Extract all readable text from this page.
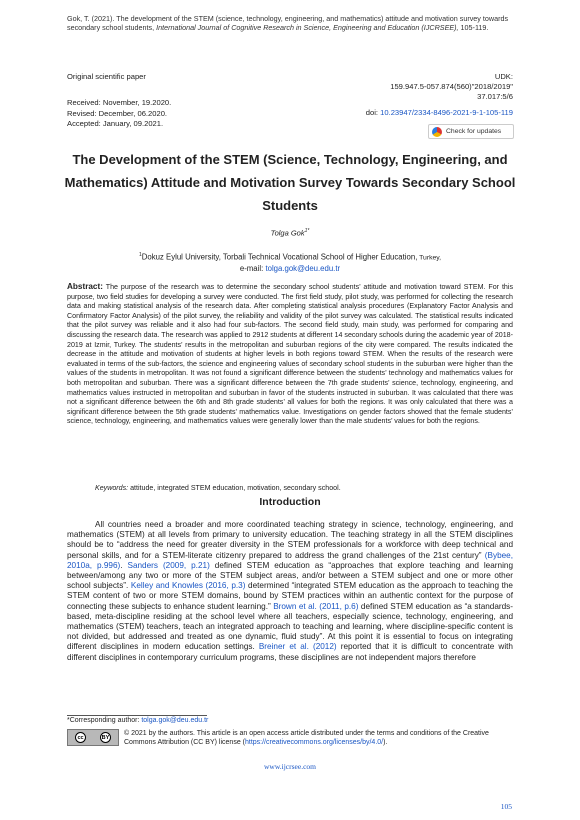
Gok, T. (2021). The development of the STEM (science, technology, engineering, and mathematics) attitude and motivation survey towards secondary school students, International Journal of Cognitive Research in Science, Engineering and Education (IJCRSEE), 105-119.
Original scientific paper	UDK:
159.947.5-057.874(560)"2018/2019"
37.017:5/6
Received: November, 19.2020.
Revised: December, 06.2020.
Accepted: January, 09.2021.
doi: 10.23947/2334-8496-2021-9-1-105-119
Check for updates
The Development of the STEM (Science, Technology, Engineering, and Mathematics) Attitude and Motivation Survey Towards Secondary School Students
Tolga Gok$^{1*}$
$^1$Dokuz Eylul University, Torbali Technical Vocational School of Higher Education, Turkey,
e-mail: tolga.gok@deu.edu.tr
Abstract: The purpose of the research was to determine the secondary school students’ attitude and motivation toward STEM. For this purpose, two field studies for developing a survey were conducted. The first field study, pilot study, was performed for collecting the research data and making statistical analysis of the research data. After completing statistical analysis procedures (Explanatory Factor Analysis and Confirmatory Factor Analysis) of the pilot survey, the reliability and validity of the pilot survey was calculated. The statistical results indicated that the pilot survey was reliable and it also had four sub-factors. The second field study, main study, was performed for comparing and discussing the research data. The research was applied to 2912 students at different 14 secondary schools during the academic year of 2018-2019 at Izmir, Turkey. The students’ results in the metropolitan and suburban regions of the city were compared. The results indicated the decrease in the attitude and motivation of students at higher levels in both regions toward STEM. When the results of the research were evaluated in terms of the sub-factors, the science and engineering values of secondary school students in the suburban were higher than the values of the students in metropolitan. It was not found a significant difference between the students’ technology and mathematics values for both metropolitan and suburban. There was a significant difference between the 7th grade students’ science, technology, engineering, and mathematics values instructed in metropolitan and suburban in favor of the students instructed in suburban. It was calculated that there was not a significant difference between the 6th and 8th grade students’ all values for both the regions. It was only calculated that there was a significant difference between the 5th grade students’ mathematics value. Investigations on gender factors showed that the female students’ science, technology, engineering, and mathematics values were generally lower than the male students’ values for both the regions.
Keywords: attitude, integrated STEM education, motivation, secondary school.
Introduction
All countries need a broader and more coordinated teaching strategy in science, technology, engineering, and mathematics (STEM) at all levels from primary to university education. The teaching strategy in all the STEM disciplines should be to “address the need for greater diversity in the STEM professionals for a workforce with deep technical and personal skills, and for a STEM-literate citizenry prepared to address the grand challenges of the 21st century” (Bybee, 2010a, p.996). Sanders (2009, p.21) defined STEM education as “approaches that explore teaching and learning between/among any two or more of the STEM subject areas, and/or between a STEM subject and one or more other school subjects”. Kelley and Knowles (2016, p.3) determined “integrated STEM education as the approach to teaching the STEM content of two or more STEM domains, bound by STEM practices within an authentic context for the purpose of connecting these subjects to enhance student learning.” Brown et al. (2011, p.6) defined STEM education as “a standards-based, meta-discipline residing at the school level where all teachers, especially science, technology, engineering, and mathematics (STEM) teachers, teach an integrated approach to teaching and learning, where discipline-specific content is not divided, but addressed and treated as one dynamic, fluid study”. At this point it is essential to focus on integrating different disciplines in modern education settings. Breiner et al. (2012) reported that it is difficult to concentrate with different disciplines in contemporary curriculum programs, these disciplines are not independent majors therefore
*Corresponding author: tolga.gok@deu.edu.tr
cc	BY
© 2021 by the authors. This article is an open access article distributed under the terms and conditions of the Creative Commons Attribution (CC BY) license (https://creativecommons.org/licenses/by/4.0/).
www.ijcrsee.com
105
